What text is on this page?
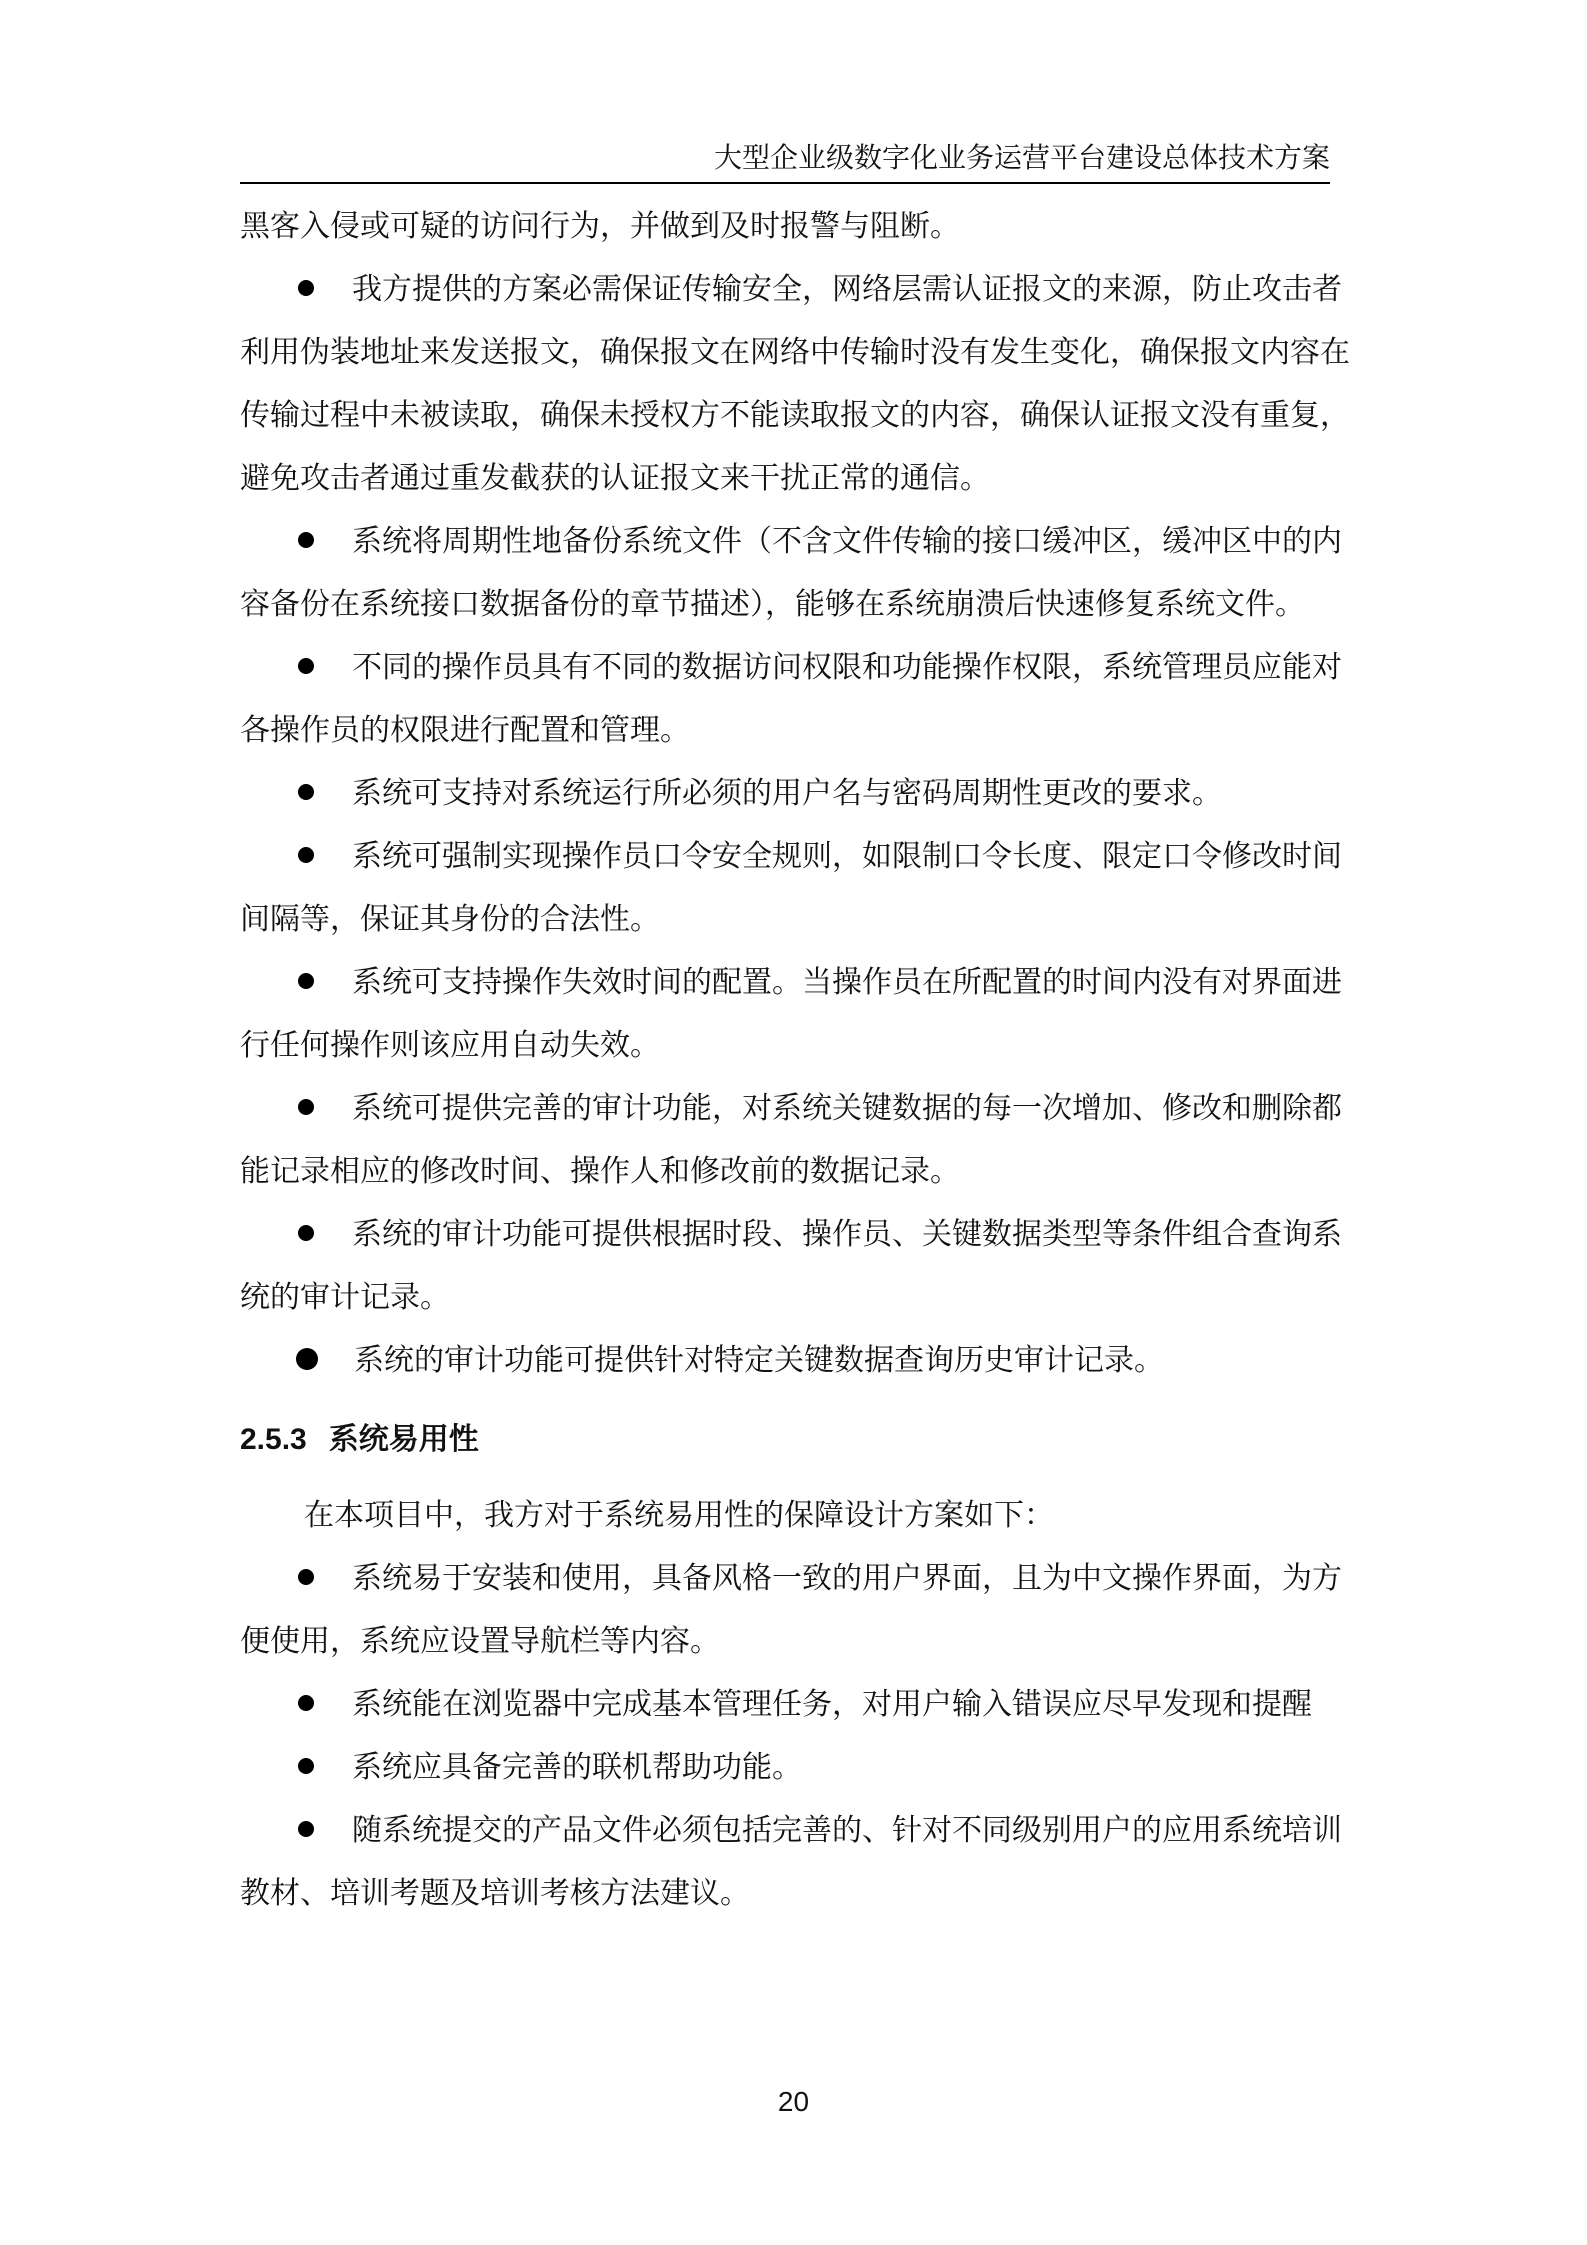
大型企业级数字化业务运营平台建设总体技术方案

黑客入侵或可疑的访问行为，并做到及时报警与阻断。

我方提供的方案必需保证传输安全，网络层需认证报文的来源，防止攻击者利用伪装地址来发送报文，确保报文在网络中传输时没有发生变化，确保报文内容在传输过程中未被读取，确保未授权方不能读取报文的内容，确保认证报文没有重复，避免攻击者通过重发截获的认证报文来干扰正常的通信。

系统将周期性地备份系统文件（不含文件传输的接口缓冲区，缓冲区中的内容备份在系统接口数据备份的章节描述），能够在系统崩溃后快速修复系统文件。

不同的操作员具有不同的数据访问权限和功能操作权限，系统管理员应能对各操作员的权限进行配置和管理。

系统可支持对系统运行所必须的用户名与密码周期性更改的要求。

系统可强制实现操作员口令安全规则，如限制口令长度、限定口令修改时间间隔等，保证其身份的合法性。

系统可支持操作失效时间的配置。当操作员在所配置的时间内没有对界面进行任何操作则该应用自动失效。

系统可提供完善的审计功能，对系统关键数据的每一次增加、修改和删除都能记录相应的修改时间、操作人和修改前的数据记录。

系统的审计功能可提供根据时段、操作员、关键数据类型等条件组合查询系统的审计记录。

系统的审计功能可提供针对特定关键数据查询历史审计记录。

2.5.3 系统易用性

在本项目中，我方对于系统易用性的保障设计方案如下：

系统易于安装和使用，具备风格一致的用户界面，且为中文操作界面，为方便使用，系统应设置导航栏等内容。

系统能在浏览器中完成基本管理任务，对用户输入错误应尽早发现和提醒

系统应具备完善的联机帮助功能。

随系统提交的产品文件必须包括完善的、针对不同级别用户的应用系统培训教材、培训考题及培训考核方法建议。

20
